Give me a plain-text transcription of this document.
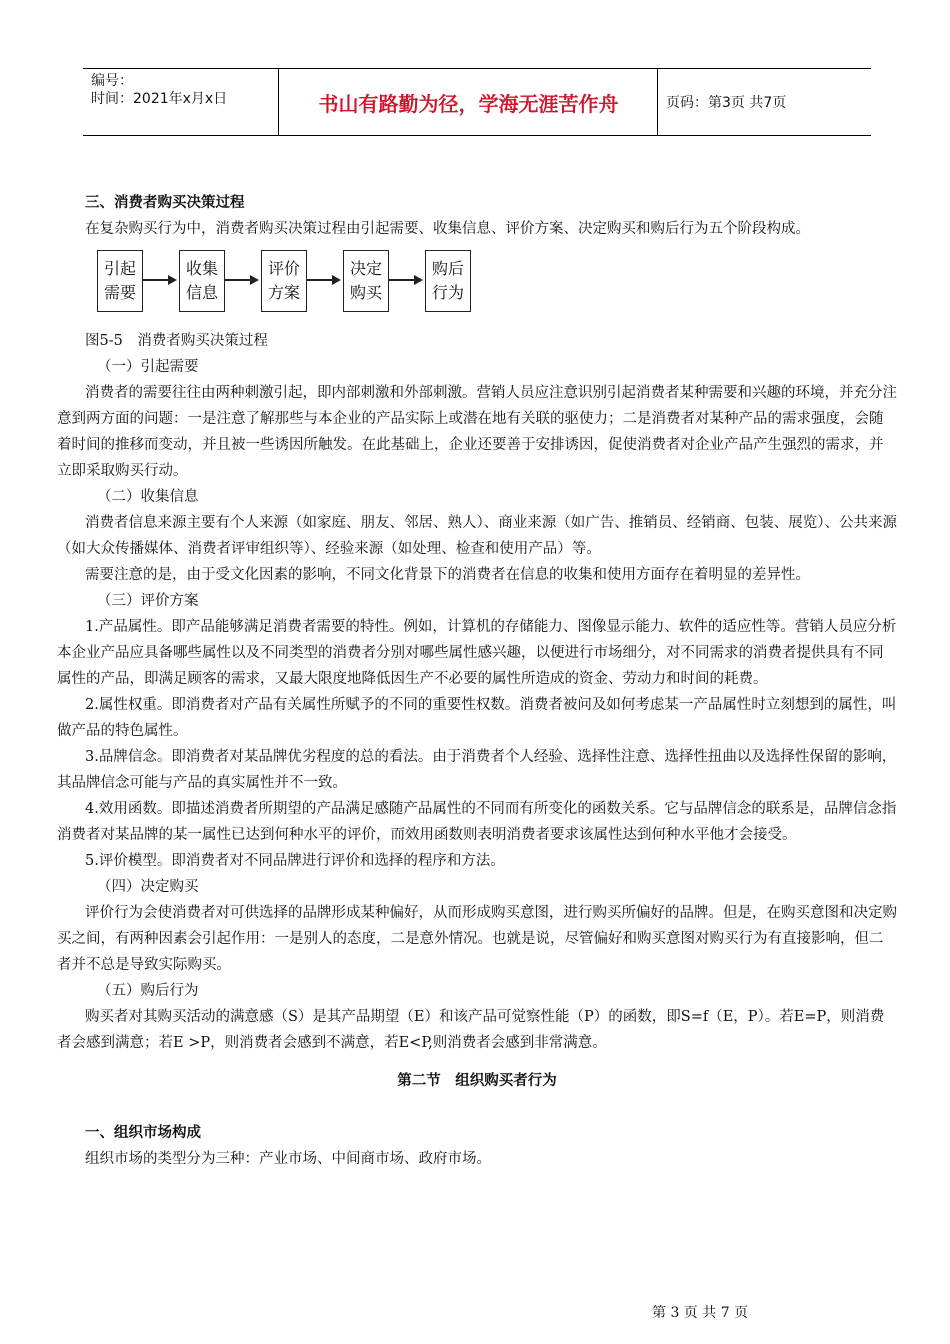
编号：
时间：2021年x月x日	书山有路勤为径，学海无涯苦作舟	页码：第3页 共7页

三、消费者购买决策过程

在复杂购买行为中，消费者购买决策过程由引起需要、收集信息、评价方案、决定购买和购后行为五个阶段构成。

引起
需要
收集
信息
评价
方案
决定
购买
购后
行为

图5-5　消费者购买决策过程

（一）引起需要

消费者的需要往往由两种刺激引起，即内部刺激和外部刺激。营销人员应注意识别引起消费者某种需要和兴趣的环境，并充分注意到两方面的问题：一是注意了解那些与本企业的产品实际上或潜在地有关联的驱使力；二是消费者对某种产品的需求强度，会随着时间的推移而变动，并且被一些诱因所触发。在此基础上，企业还要善于安排诱因，促使消费者对企业产品产生强烈的需求，并立即采取购买行动。

（二）收集信息

消费者信息来源主要有个人来源（如家庭、朋友、邻居、熟人）、商业来源（如广告、推销员、经销商、包装、展览）、公共来源（如大众传播媒体、消费者评审组织等）、经验来源（如处理、检查和使用产品）等。

需要注意的是，由于受文化因素的影响，不同文化背景下的消费者在信息的收集和使用方面存在着明显的差异性。

（三）评价方案

1.产品属性。即产品能够满足消费者需要的特性。例如，计算机的存储能力、图像显示能力、软件的适应性等。营销人员应分析本企业产品应具备哪些属性以及不同类型的消费者分别对哪些属性感兴趣，以便进行市场细分，对不同需求的消费者提供具有不同属性的产品，即满足顾客的需求，又最大限度地降低因生产不必要的属性所造成的资金、劳动力和时间的耗费。

2.属性权重。即消费者对产品有关属性所赋予的不同的重要性权数。消费者被问及如何考虑某一产品属性时立刻想到的属性，叫做产品的特色属性。

3.品牌信念。即消费者对某品牌优劣程度的总的看法。由于消费者个人经验、选择性注意、选择性扭曲以及选择性保留的影响，其品牌信念可能与产品的真实属性并不一致。

4.效用函数。即描述消费者所期望的产品满足感随产品属性的不同而有所变化的函数关系。它与品牌信念的联系是，品牌信念指消费者对某品牌的某一属性已达到何种水平的评价，而效用函数则表明消费者要求该属性达到何种水平他才会接受。

5.评价模型。即消费者对不同品牌进行评价和选择的程序和方法。

（四）决定购买

评价行为会使消费者对可供选择的品牌形成某种偏好，从而形成购买意图，进行购买所偏好的品牌。但是，在购买意图和决定购买之间，有两种因素会引起作用：一是别人的态度，二是意外情况。也就是说，尽管偏好和购买意图对购买行为有直接影响，但二者并不总是导致实际购买。

（五）购后行为

购买者对其购买活动的满意感（S）是其产品期望（E）和该产品可觉察性能（P）的函数，即S=f（E，P）。若E=P，则消费者会感到满意；若E >P，则消费者会感到不满意，若E<P,则消费者会感到非常满意。

第二节　组织购买者行为

一、组织市场构成

组织市场的类型分为三种：产业市场、中间商市场、政府市场。

第 3 页 共 7 页
